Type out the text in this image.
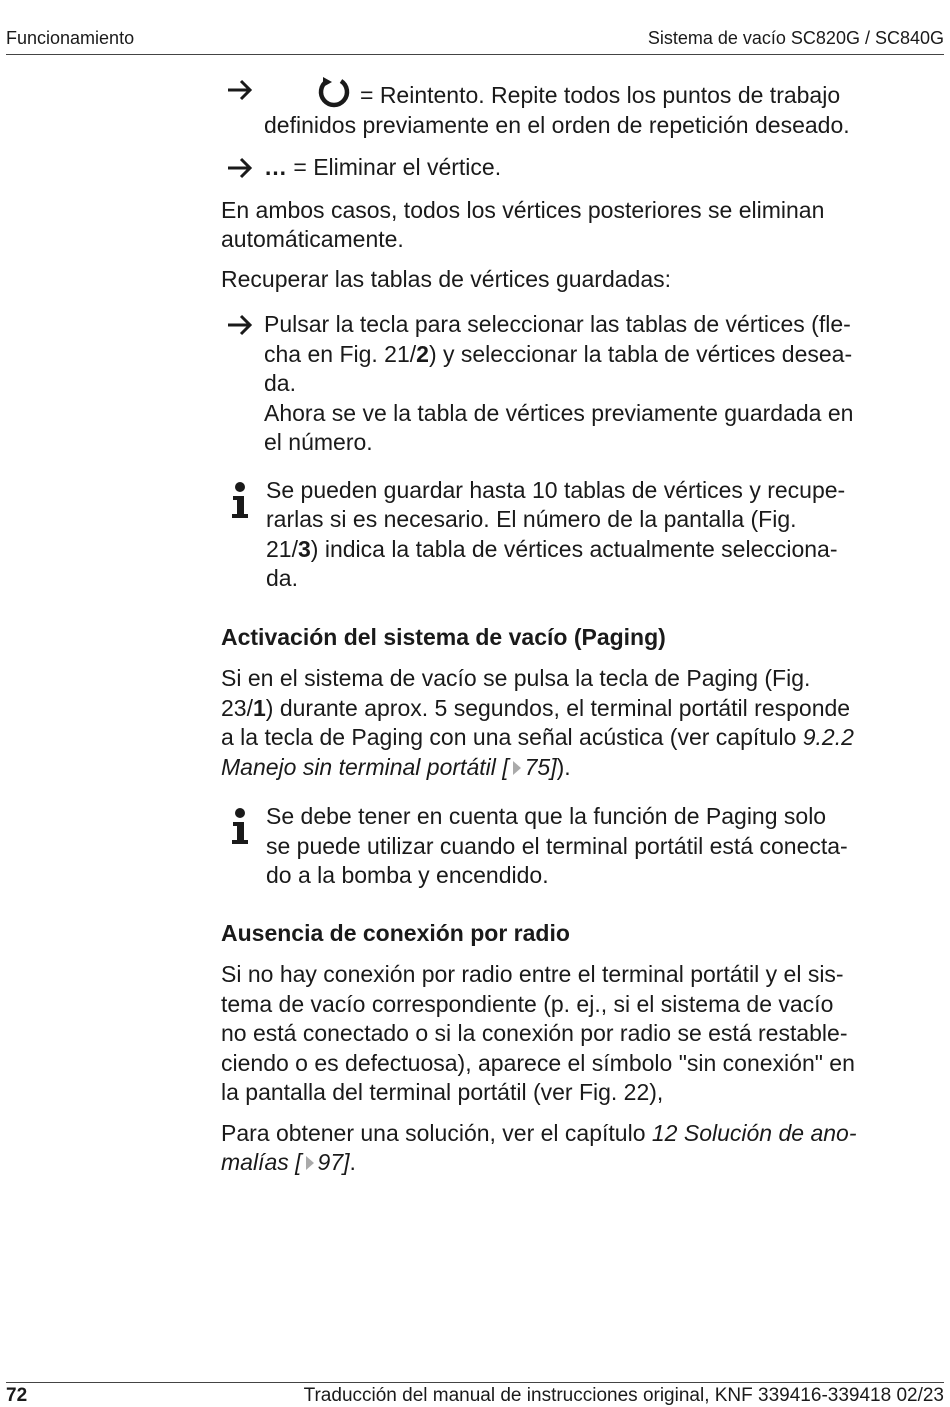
Funcionamiento	Sistema de vacío SC820G / SC840G
= Reintento. Repite todos los puntos de trabajo
definidos previamente en el orden de repetición deseado.
… = Eliminar el vértice.
En ambos casos, todos los vértices posteriores se eliminan
automáticamente.
Recuperar las tablas de vértices guardadas:
Pulsar la tecla para seleccionar las tablas de vértices (fle-
cha en Fig. 21/2) y seleccionar la tabla de vértices desea-
da.
Ahora se ve la tabla de vértices previamente guardada en
el número.
Se pueden guardar hasta 10 tablas de vértices y recupe-
rarlas si es necesario. El número de la pantalla (Fig.
21/3) indica la tabla de vértices actualmente selecciona-
da.
Activación del sistema de vacío (Paging)
Si en el sistema de vacío se pulsa la tecla de Paging (Fig.
23/1) durante aprox. 5 segundos, el terminal portátil responde
a la tecla de Paging con una señal acústica (ver capítulo 9.2.2
Manejo sin terminal portátil [ 75]).
Se debe tener en cuenta que la función de Paging solo
se puede utilizar cuando el terminal portátil está conecta-
do a la bomba y encendido.
Ausencia de conexión por radio
Si no hay conexión por radio entre el terminal portátil y el sis-
tema de vacío correspondiente (p. ej., si el sistema de vacío
no está conectado o si la conexión por radio se está restable-
ciendo o es defectuosa), aparece el símbolo "sin conexión" en
la pantalla del terminal portátil (ver Fig. 22),
Para obtener una solución, ver el capítulo 12 Solución de ano-
malías [ 97].
72	Traducción del manual de instrucciones original, KNF 339416-339418 02/23
